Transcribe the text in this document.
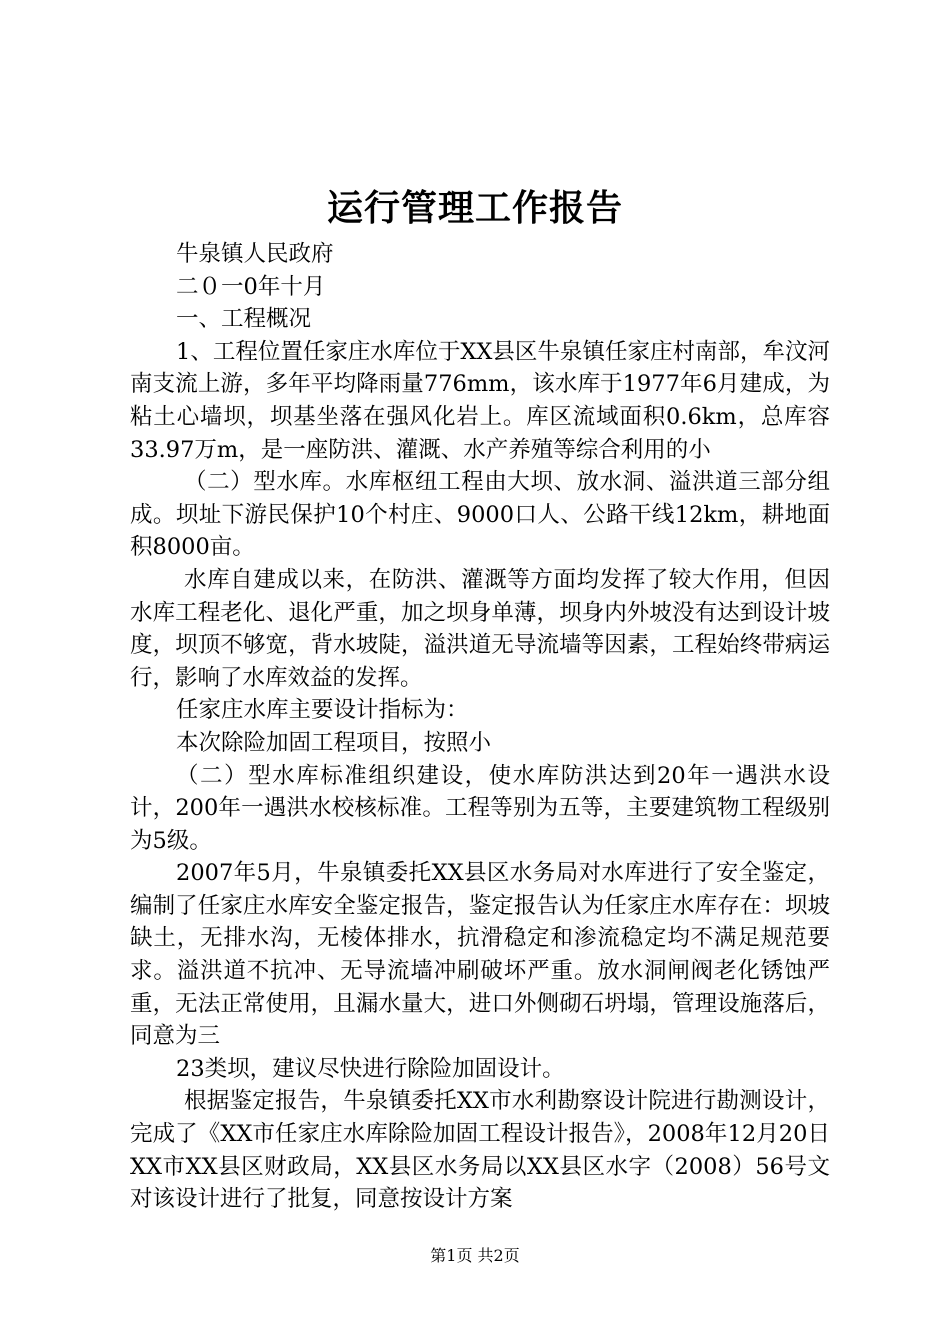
运行管理工作报告

牛泉镇人民政府

二０一0年十月

一、工程概况

1、工程位置任家庄水库位于XX县区牛泉镇任家庄村南部，牟汶河南支流上游，多年平均降雨量776mm，该水库于1977年6月建成，为粘土心墙坝，坝基坐落在强风化岩上。库区流域面积0.6km，总库容33.97万m，是一座防洪、灌溉、水产养殖等综合利用的小

（二）型水库。水库枢纽工程由大坝、放水洞、溢洪道三部分组成。坝址下游民保护10个村庄、9000口人、公路干线12km，耕地面积8000亩。

水库自建成以来，在防洪、灌溉等方面均发挥了较大作用，但因水库工程老化、退化严重，加之坝身单薄，坝身内外坡没有达到设计坡度，坝顶不够宽，背水坡陡，溢洪道无导流墙等因素，工程始终带病运行，影响了水库效益的发挥。

任家庄水库主要设计指标为：

本次除险加固工程项目，按照小

（二）型水库标准组织建设，使水库防洪达到20年一遇洪水设计，200年一遇洪水校核标准。工程等别为五等，主要建筑物工程级别为5级。

2007年5月，牛泉镇委托XX县区水务局对水库进行了安全鉴定，编制了任家庄水库安全鉴定报告，鉴定报告认为任家庄水库存在：坝坡缺土，无排水沟，无棱体排水，抗滑稳定和渗流稳定均不满足规范要求。溢洪道不抗冲、无导流墙冲刷破坏严重。放水洞闸阀老化锈蚀严重，无法正常使用，且漏水量大，进口外侧砌石坍塌，管理设施落后，同意为三

23类坝，建议尽快进行除险加固设计。

根据鉴定报告，牛泉镇委托XX市水利勘察设计院进行勘测设计，完成了《XX市任家庄水库除险加固工程设计报告》，2008年12月20日XX市XX县区财政局，XX县区水务局以XX县区水字（2008）56号文对该设计进行了批复，同意按设计方案

第1页 共2页
